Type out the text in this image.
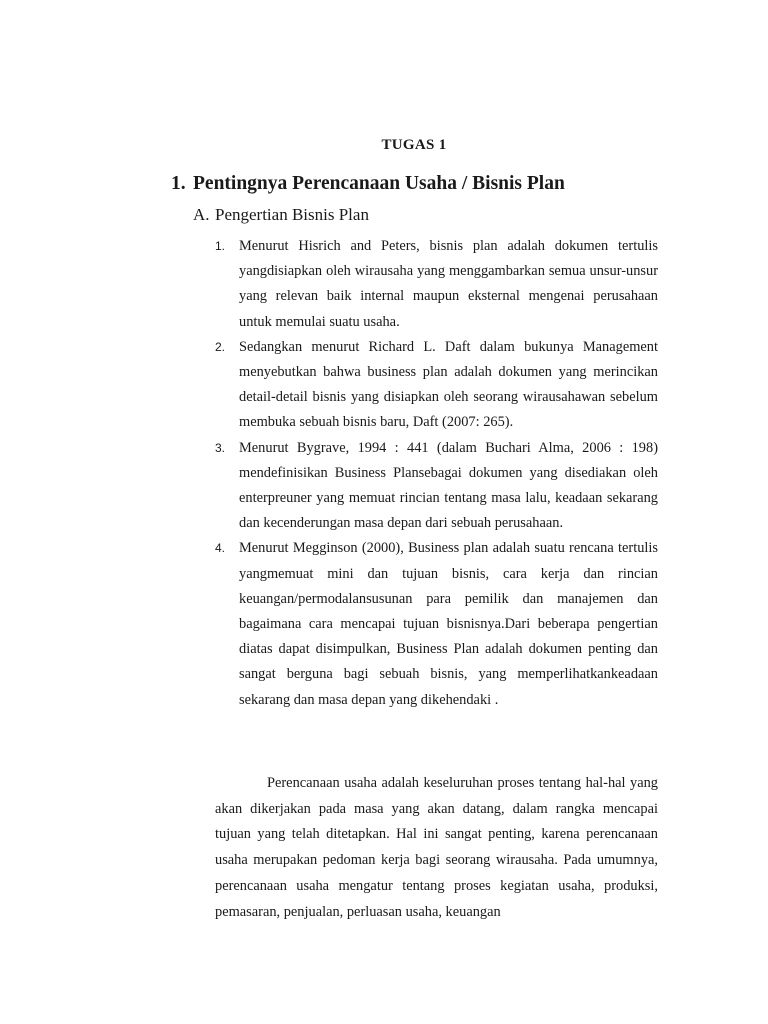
TUGAS 1
1. Pentingnya Perencanaan Usaha / Bisnis Plan
A. Pengertian Bisnis Plan
1. Menurut Hisrich and Peters, bisnis plan adalah dokumen tertulis yangdisiapkan oleh wirausaha yang menggambarkan semua unsur-unsur yang relevan baik internal maupun eksternal mengenai perusahaan untuk memulai suatu usaha.
2. Sedangkan menurut Richard L. Daft dalam bukunya Management menyebutkan bahwa business plan adalah dokumen yang merincikan detail-detail bisnis yang disiapkan oleh seorang wirausahawan sebelum membuka sebuah bisnis baru, Daft (2007: 265).
3. Menurut Bygrave, 1994 : 441 (dalam Buchari Alma, 2006 : 198) mendefinisikan Business Plansebagai dokumen yang disediakan oleh enterpreuner yang memuat rincian tentang masa lalu, keadaan sekarang dan kecenderungan masa depan dari sebuah perusahaan.
4. Menurut Megginson (2000), Business plan adalah suatu rencana tertulis yangmemuat mini dan tujuan bisnis, cara kerja dan rincian keuangan/permodalansusunan para pemilik dan manajemen dan bagaimana cara mencapai tujuan bisnisnya.Dari beberapa pengertian diatas dapat disimpulkan, Business Plan adalah dokumen penting dan sangat berguna bagi sebuah bisnis, yang memperlihatkankeadaan sekarang dan masa depan yang dikehendaki .

Perencanaan usaha adalah keseluruhan proses tentang hal-hal yang akan dikerjakan pada masa yang akan datang, dalam rangka mencapai tujuan yang telah ditetapkan. Hal ini sangat penting, karena perencanaan usaha merupakan pedoman kerja bagi seorang wirausaha. Pada umumnya, perencanaan usaha mengatur tentang proses kegiatan usaha, produksi, pemasaran, penjualan, perluasan usaha, keuangan
